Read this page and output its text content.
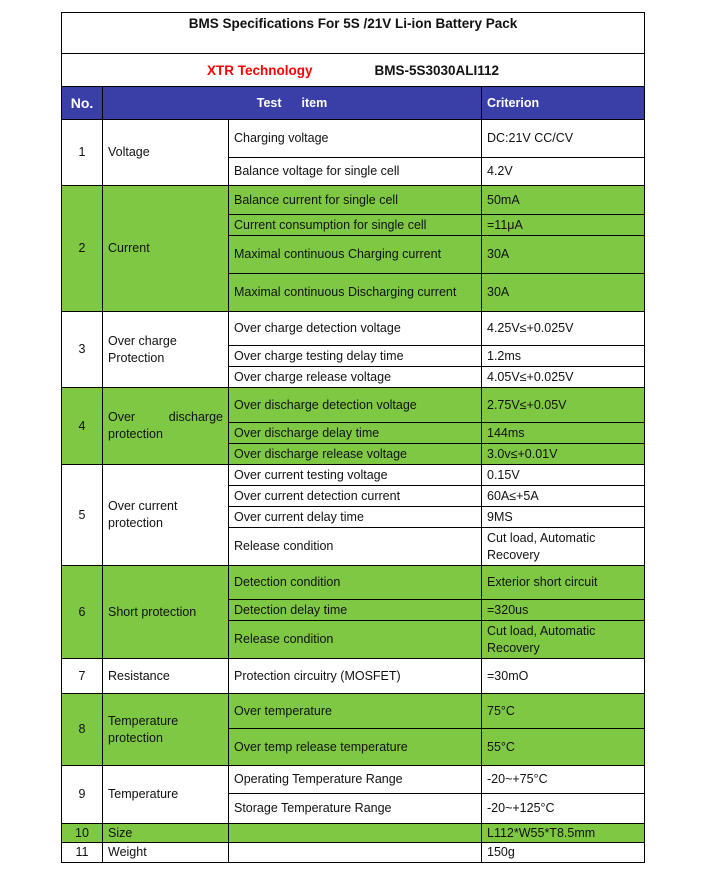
BMS Specifications For 5S /21V Li-ion Battery Pack			
XTR Technology BMS-5S3030ALI112			
No.	Test item		Criterion
1	Voltage	Charging voltage	DC:21V CC/CV
		Balance voltage for single cell	4.2V
2	Current	Balance current for single cell	50mA
		Current consumption for single cell	=11μA
		Maximal continuous Charging current	30A
		Maximal continuous Discharging current	30A
3	Over charge Protection	Over charge detection voltage	4.25V≤+0.025V
		Over charge testing delay time	1.2ms
		Over charge release voltage	4.05V≤+0.025V
4	Over discharge protection	Over discharge detection voltage	2.75V≤+0.05V
		Over discharge delay time	144ms
		Over discharge release voltage	3.0v≤+0.01V
5	Over current protection	Over current testing voltage	0.15V
		Over current detection current	60A≤+5A
		Over current delay time	9MS
		Release condition	Cut load, Automatic Recovery
6	Short protection	Detection condition	Exterior short circuit
		Detection delay time	=320us
		Release condition	Cut load, Automatic Recovery
7	Resistance	Protection circuitry (MOSFET)	=30mO
8	Temperature protection	Over temperature	75°C
		Over temp release temperature	55°C
9	Temperature	Operating Temperature Range	-20~+75°C
		Storage Temperature Range	-20~+125°C
10	Size		L112*W55*T8.5mm
11	Weight		150g
